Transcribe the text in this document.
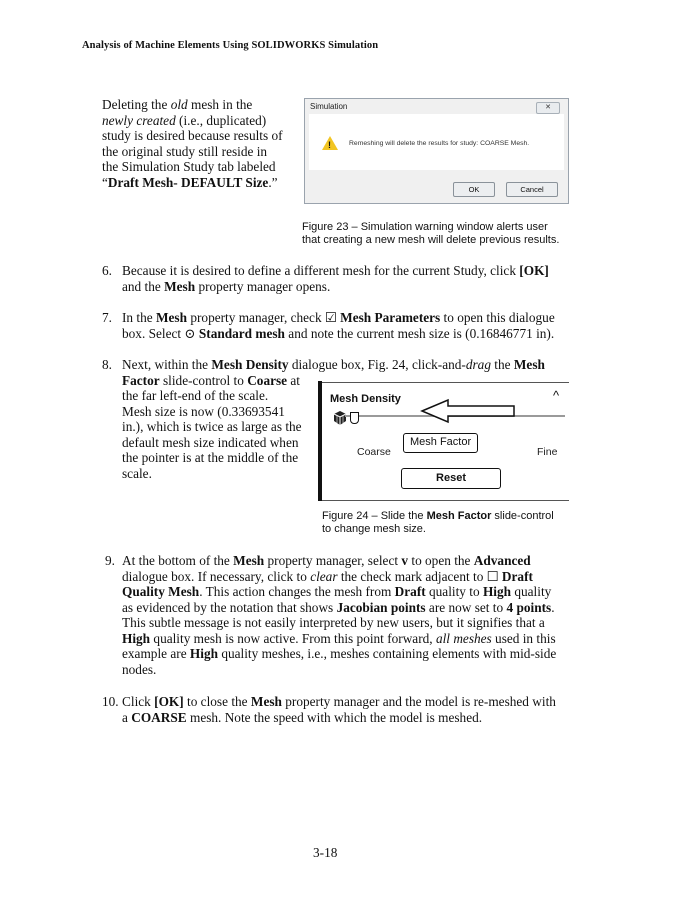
Analysis of Machine Elements Using SOLIDWORKS Simulation
Deleting the old mesh in the
newly created (i.e., duplicated)
study is desired because results of
the original study still reside in
the Simulation Study tab labeled
“Draft Mesh- DEFAULT Size.”
Simulation	✕
!	Remeshing will delete the results for study: COARSE Mesh.
OK	Cancel
Figure 23 – Simulation warning window alerts user
that creating a new mesh will delete previous results.
6. Because it is desired to define a different mesh for the current Study, click [OK]
and the Mesh property manager opens.
7. In the Mesh property manager, check ☑ Mesh Parameters to open this dialogue
box. Select ⊙ Standard mesh and note the current mesh size is (0.16846771 in).
8. Next, within the Mesh Density dialogue box, Fig. 24, click-and-drag the Mesh
Factor slide-control to Coarse at
the far left-end of the scale.
Mesh size is now (0.33693541
in.), which is twice as large as the
default mesh size indicated when
the pointer is at the middle of the
scale.
Mesh Density	^
Coarse
Mesh Factor
Fine
Reset
Figure 24 – Slide the Mesh Factor slide-control
to change mesh size.
9. At the bottom of the Mesh property manager, select v to open the Advanced
dialogue box. If necessary, click to clear the check mark adjacent to ☐ Draft
Quality Mesh. This action changes the mesh from Draft quality to High quality
as evidenced by the notation that shows Jacobian points are now set to 4 points.
This subtle message is not easily interpreted by new users, but it signifies that a
High quality mesh is now active. From this point forward, all meshes used in this
example are High quality meshes, i.e., meshes containing elements with mid-side
nodes.
10. Click [OK] to close the Mesh property manager and the model is re-meshed with
a COARSE mesh. Note the speed with which the model is meshed.
3-18
